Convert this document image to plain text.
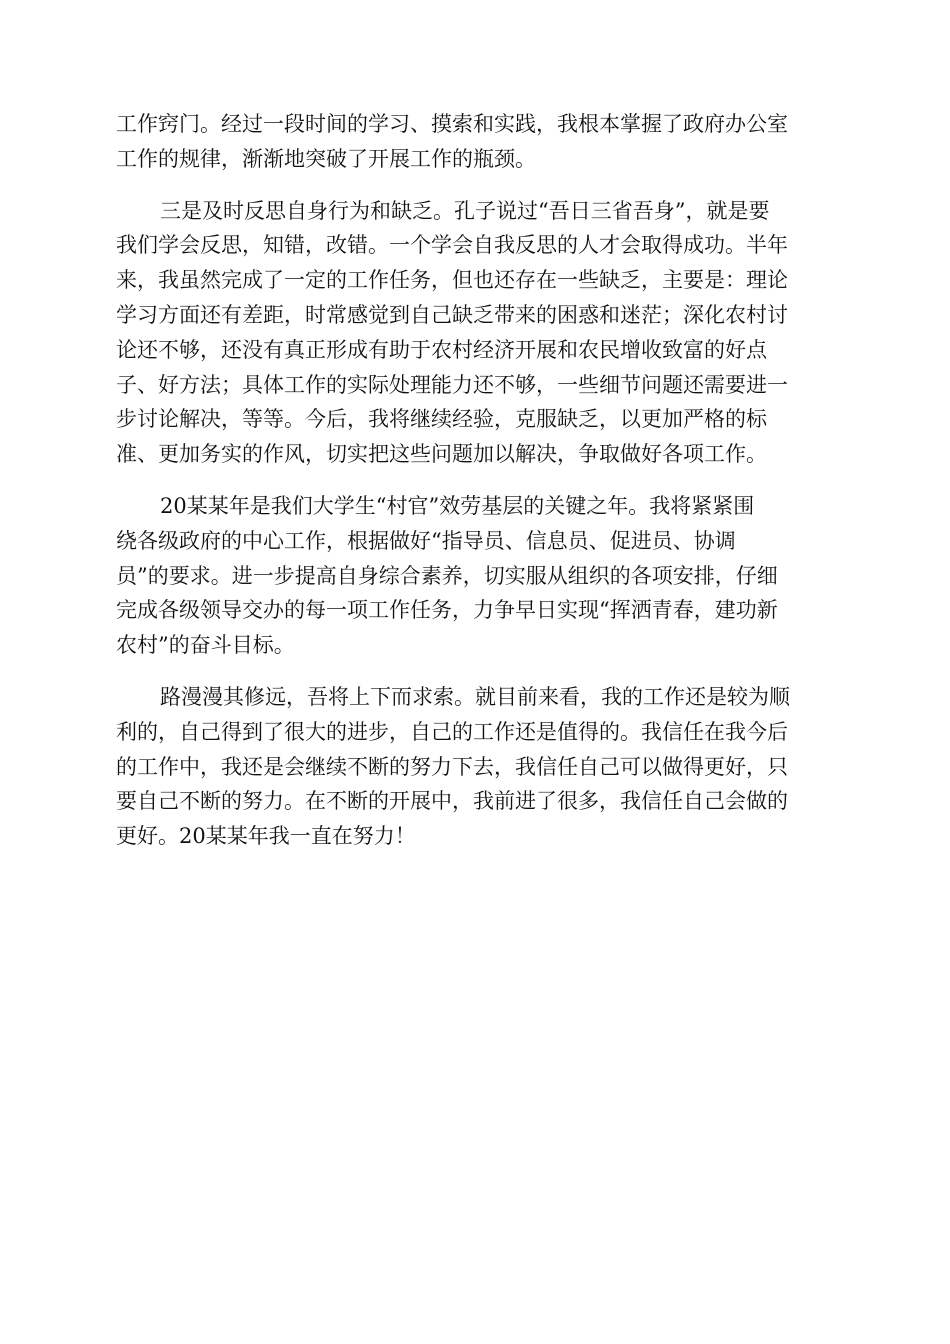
工作窍门。经过一段时间的学习、摸索和实践，我根本掌握了政府办公室
工作的规律，渐渐地突破了开展工作的瓶颈。
三是及时反思自身行为和缺乏。孔子说过“吾日三省吾身”，就是要
我们学会反思，知错，改错。一个学会自我反思的人才会取得成功。半年
来，我虽然完成了一定的工作任务，但也还存在一些缺乏，主要是：理论
学习方面还有差距，时常感觉到自己缺乏带来的困惑和迷茫；深化农村讨
论还不够，还没有真正形成有助于农村经济开展和农民增收致富的好点
子、好方法；具体工作的实际处理能力还不够，一些细节问题还需要进一
步讨论解决，等等。今后，我将继续经验，克服缺乏，以更加严格的标
准、更加务实的作风，切实把这些问题加以解决，争取做好各项工作。
20某某年是我们大学生“村官”效劳基层的关键之年。我将紧紧围
绕各级政府的中心工作，根据做好“指导员、信息员、促进员、协调
员”的要求。进一步提高自身综合素养，切实服从组织的各项安排，仔细
完成各级领导交办的每一项工作任务，力争早日实现“挥洒青春，建功新
农村”的奋斗目标。
路漫漫其修远，吾将上下而求索。就目前来看，我的工作还是较为顺
利的，自己得到了很大的进步，自己的工作还是值得的。我信任在我今后
的工作中，我还是会继续不断的努力下去，我信任自己可以做得更好，只
要自己不断的努力。在不断的开展中，我前进了很多，我信任自己会做的
更好。20某某年我一直在努力！
